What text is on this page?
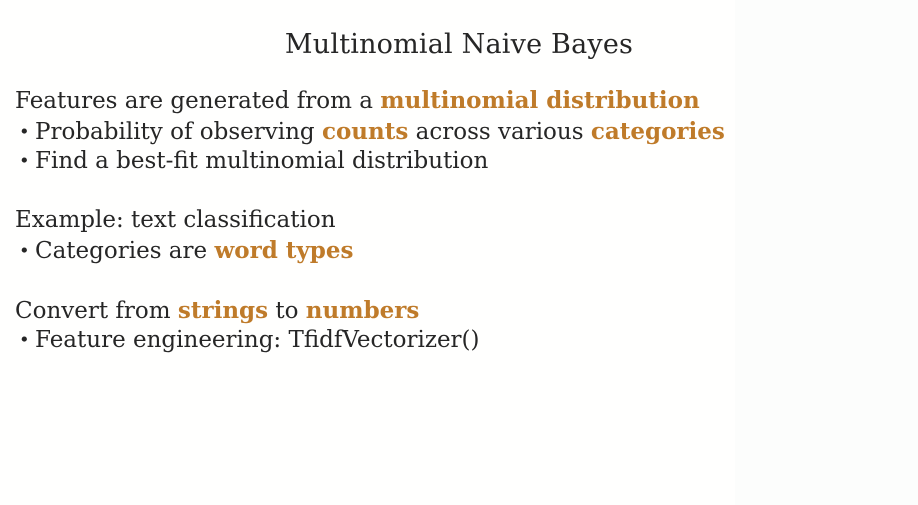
Multinomial Naive Bayes
Features are generated from a multinomial distribution
• Probability of observing counts across various categories
• Find a best-fit multinomial distribution
Example: text classification
• Categories are word types
Convert from strings to numbers
• Feature engineering: TfidfVectorizer()
